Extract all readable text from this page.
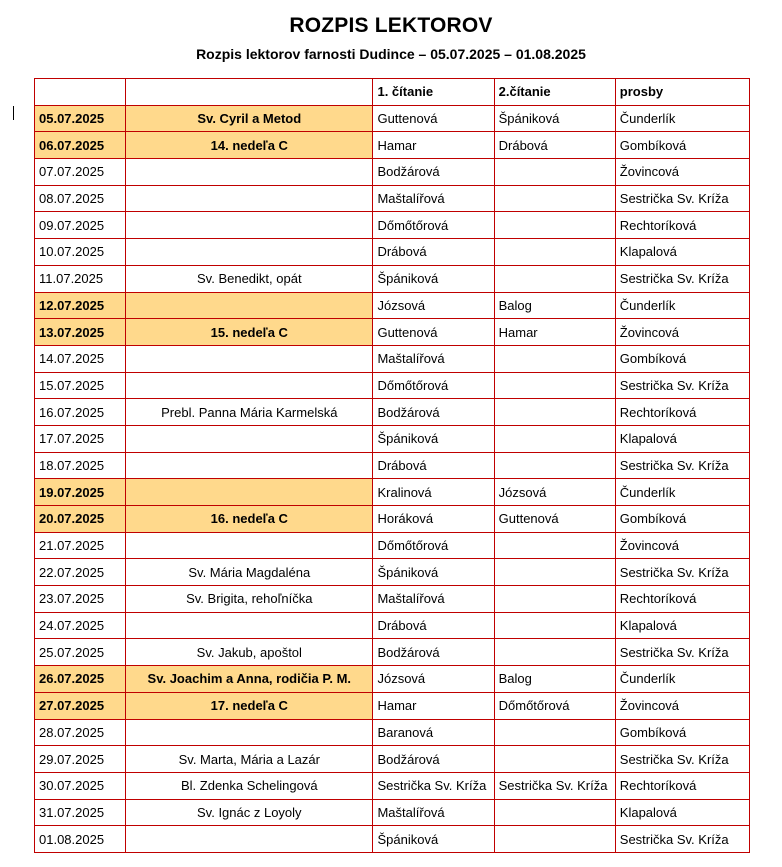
ROZPIS LEKTOROV
Rozpis lektorov farnosti Dudince – 05.07.2025 – 01.08.2025
		1. čítanie	2.čítanie	prosby
05.07.2025	Sv. Cyril a Metod	Guttenová	Špániková	Čunderlík
06.07.2025	14. nedeľa C	Hamar	Drábová	Gombíková
07.07.2025		Bodžárová		Žovincová
08.07.2025		Maštalířová		Sestrička Sv. Kríža
09.07.2025		Dőmőtőrová		Rechtoríková
10.07.2025		Drábová		Klapalová
11.07.2025	Sv. Benedikt, opát	Špániková		Sestrička Sv. Kríža
12.07.2025		Józsová	Balog	Čunderlík
13.07.2025	15. nedeľa C	Guttenová	Hamar	Žovincová
14.07.2025		Maštalířová		Gombíková
15.07.2025		Dőmőtőrová		Sestrička Sv. Kríža
16.07.2025	Prebl. Panna Mária Karmelská	Bodžárová		Rechtoríková
17.07.2025		Špániková		Klapalová
18.07.2025		Drábová		Sestrička Sv. Kríža
19.07.2025		Kralinová	Józsová	Čunderlík
20.07.2025	16. nedeľa C	Horáková	Guttenová	Gombíková
21.07.2025		Dőmőtőrová		Žovincová
22.07.2025	Sv. Mária Magdaléna	Špániková		Sestrička Sv. Kríža
23.07.2025	Sv. Brigita, rehoľníčka	Maštalířová		Rechtoríková
24.07.2025		Drábová		Klapalová
25.07.2025	Sv. Jakub, apoštol	Bodžárová		Sestrička Sv. Kríža
26.07.2025	Sv. Joachim a Anna, rodičia P. M.	Józsová	Balog	Čunderlík
27.07.2025	17. nedeľa C	Hamar	Dőmőtőrová	Žovincová
28.07.2025		Baranová		Gombíková
29.07.2025	Sv. Marta, Mária a Lazár	Bodžárová		Sestrička Sv. Kríža
30.07.2025	Bl. Zdenka Schelingová	Sestrička Sv. Kríža	Sestrička Sv. Kríža	Rechtoríková
31.07.2025	Sv. Ignác z Loyoly	Maštalířová		Klapalová
01.08.2025		Špániková		Sestrička Sv. Kríža
